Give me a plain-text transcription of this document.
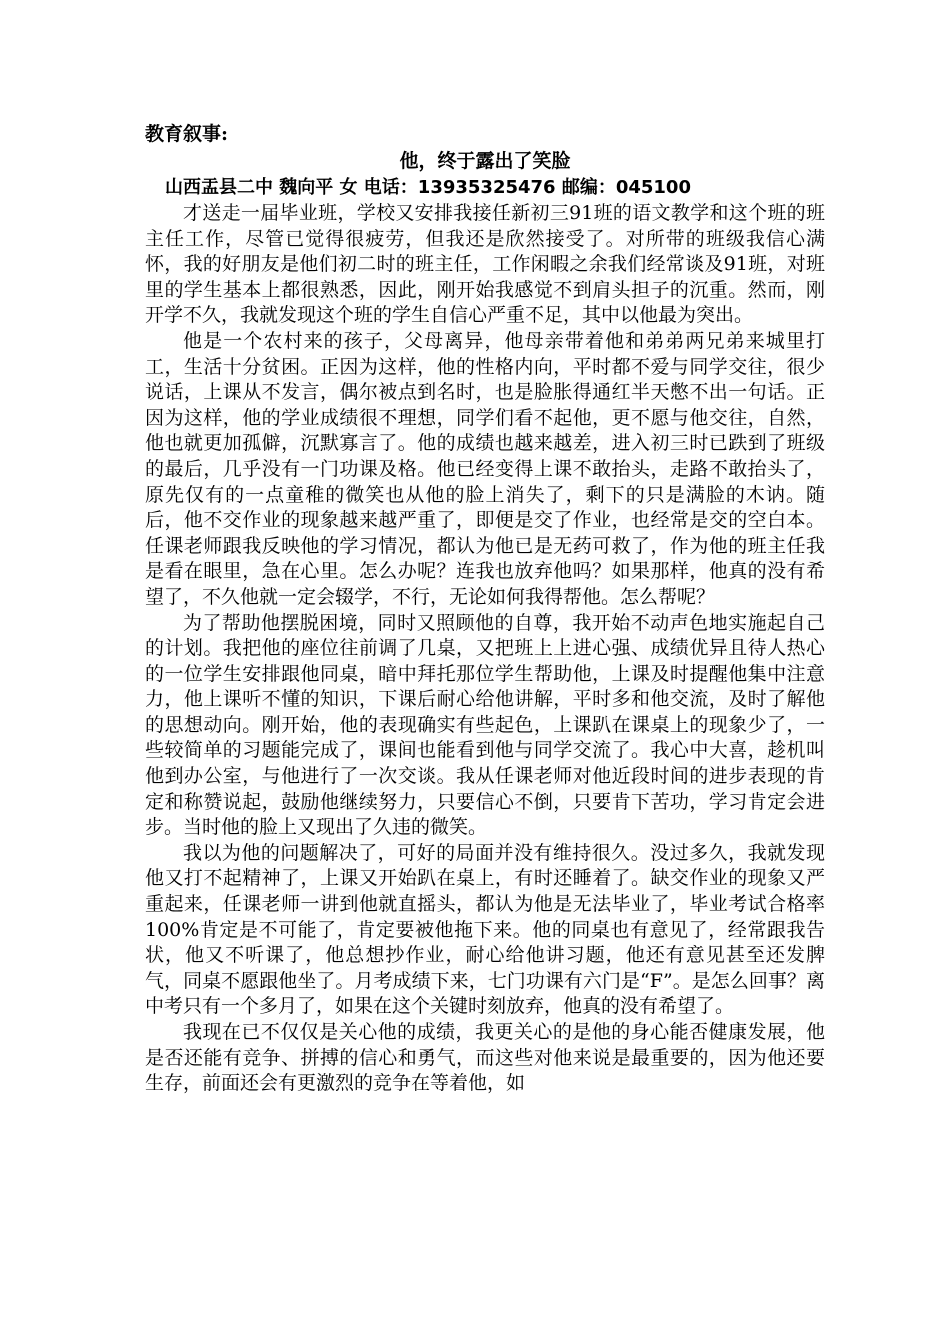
教育叙事:
他，终于露出了笑脸
山西盂县二中 魏向平 女 电话：13935325476 邮编：045100

才送走一届毕业班，学校又安排我接任新初三91班的语文教学和这个班的班主任工作，尽管已觉得很疲劳，但我还是欣然接受了。对所带的班级我信心满怀，我的好朋友是他们初二时的班主任，工作闲暇之余我们经常谈及91班，对班里的学生基本上都很熟悉，因此，刚开始我感觉不到肩头担子的沉重。然而，刚开学不久，我就发现这个班的学生自信心严重不足，其中以他最为突出。

他是一个农村来的孩子，父母离异，他母亲带着他和弟弟两兄弟来城里打工，生活十分贫困。正因为这样，他的性格内向，平时都不爱与同学交往，很少说话，上课从不发言，偶尔被点到名时，也是脸胀得通红半天憋不出一句话。正因为这样，他的学业成绩很不理想，同学们看不起他，更不愿与他交往，自然，他也就更加孤僻，沉默寡言了。他的成绩也越来越差，进入初三时已跌到了班级的最后，几乎没有一门功课及格。他已经变得上课不敢抬头，走路不敢抬头了，原先仅有的一点童稚的微笑也从他的脸上消失了，剩下的只是满脸的木讷。随后，他不交作业的现象越来越严重了，即便是交了作业，也经常是交的空白本。任课老师跟我反映他的学习情况，都认为他已是无药可救了，作为他的班主任我是看在眼里，急在心里。怎么办呢？连我也放弃他吗？如果那样，他真的没有希望了，不久他就一定会辍学，不行，无论如何我得帮他。怎么帮呢？

为了帮助他摆脱困境，同时又照顾他的自尊，我开始不动声色地实施起自己的计划。我把他的座位往前调了几桌，又把班上上进心强、成绩优异且待人热心的一位学生安排跟他同桌，暗中拜托那位学生帮助他，上课及时提醒他集中注意力，他上课听不懂的知识，下课后耐心给他讲解，平时多和他交流，及时了解他的思想动向。刚开始，他的表现确实有些起色，上课趴在课桌上的现象少了，一些较简单的习题能完成了，课间也能看到他与同学交流了。我心中大喜，趁机叫他到办公室，与他进行了一次交谈。我从任课老师对他近段时间的进步表现的肯定和称赞说起，鼓励他继续努力，只要信心不倒，只要肯下苦功，学习肯定会进步。当时他的脸上又现出了久违的微笑。

我以为他的问题解决了，可好的局面并没有维持很久。没过多久，我就发现他又打不起精神了，上课又开始趴在桌上，有时还睡着了。缺交作业的现象又严重起来，任课老师一讲到他就直摇头，都认为他是无法毕业了，毕业考试合格率100%肯定是不可能了，肯定要被他拖下来。他的同桌也有意见了，经常跟我告状，他又不听课了，他总想抄作业，耐心给他讲习题，他还有意见甚至还发脾气，同桌不愿跟他坐了。月考成绩下来，七门功课有六门是“F”。是怎么回事？离中考只有一个多月了，如果在这个关键时刻放弃，他真的没有希望了。

我现在已不仅仅是关心他的成绩，我更关心的是他的身心能否健康发展，他是否还能有竞争、拼搏的信心和勇气，而这些对他来说是最重要的，因为他还要生存，前面还会有更激烈的竞争在等着他，如
